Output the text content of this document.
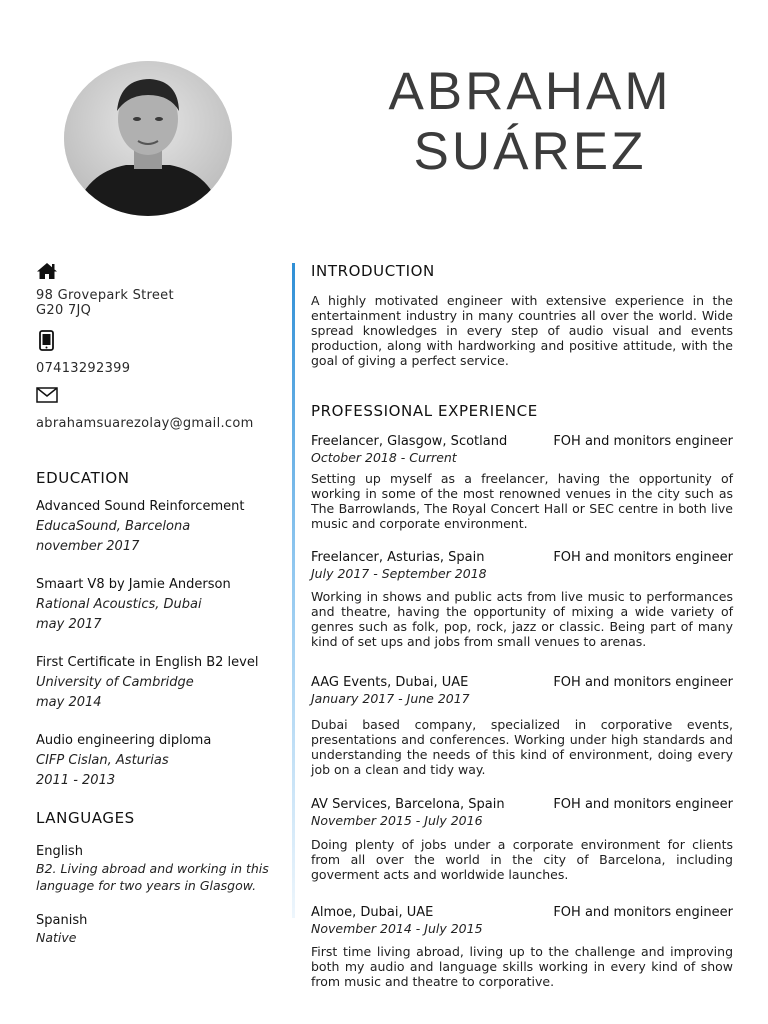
ABRAHAM
SUÁREZ
98 Grovepark Street
G20 7JQ
07413292399
abrahamsuarezolay@gmail.com
EDUCATION
Advanced Sound Reinforcement
EducaSound, Barcelona
november 2017
Smaart V8 by Jamie Anderson
Rational Acoustics, Dubai
may 2017
First Certificate in English B2 level
University of Cambridge
may 2014
Audio engineering diploma
CIFP Cislan, Asturias
2011 - 2013
LANGUAGES
English
B2. Living abroad and working in this language for two years in Glasgow.
Spanish
Native
INTRODUCTION

A highly motivated engineer with extensive experience in the entertainment industry in many countries all over the world. Wide spread knowledges in every step of audio visual and events production, along with hardworking and positive attitude, with the goal of giving a perfect service.

PROFESSIONAL EXPERIENCE
Freelancer, Glasgow, Scotland	FOH and monitors engineer
October 2018 - Current

Setting up myself as a freelancer, having the opportunity of working in some of the most renowned venues in the city such as The Barrowlands, The Royal Concert Hall or SEC centre in both live music and corporate environment.

Freelancer, Asturias, Spain	FOH and monitors engineer
July 2017 - September 2018

Working in shows and public acts from live music to performances and theatre, having the opportunity of mixing a wide variety of genres such as folk, pop, rock, jazz or classic. Being part of many kind of set ups and jobs from small venues to arenas.

AAG Events, Dubai, UAE	FOH and monitors engineer
January 2017 - June 2017

Dubai based company, specialized in corporative events, presentations and conferences. Working under high standards and understanding the needs of this kind of environment, doing every job on a clean and tidy way.

AV Services, Barcelona, Spain	FOH and monitors engineer
November 2015 - July 2016

Doing plenty of jobs under a corporate environment for clients from all over the world in the city of Barcelona, including goverment acts and worldwide launches.

Almoe, Dubai, UAE	FOH and monitors engineer
November 2014 - July 2015

First time living abroad, living up to the challenge and improving both my audio and language skills working in every kind of show from music and theatre to corporative.
